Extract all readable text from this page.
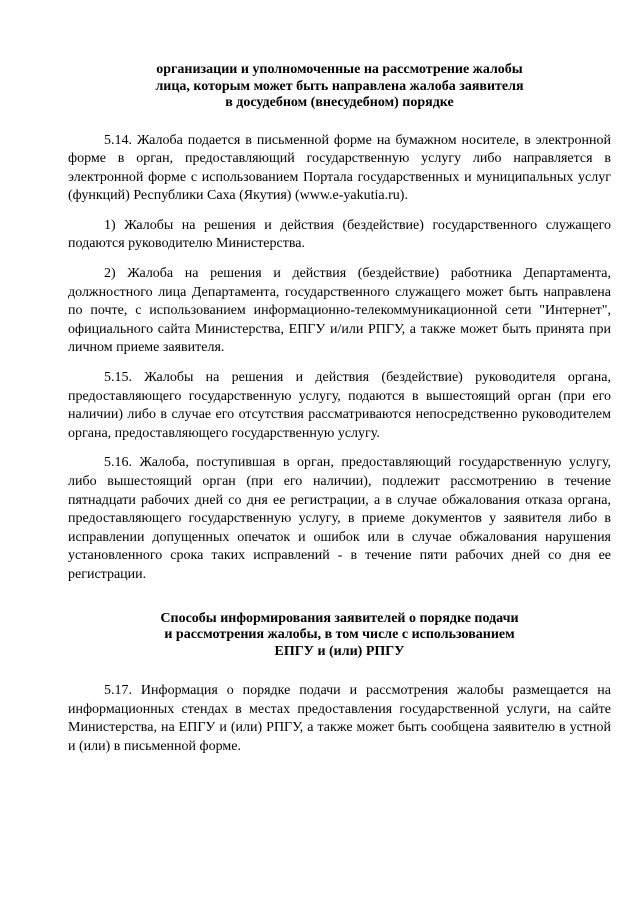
организации и уполномоченные на рассмотрение жалобы
лица, которым может быть направлена жалоба заявителя
в досудебном (внесудебном) порядке

5.14. Жалоба подается в письменной форме на бумажном носителе, в электронной форме в орган, предоставляющий государственную услугу либо направляется в электронной форме с использованием Портала государственных и муниципальных услуг (функций) Республики Саха (Якутия) (www.e-yakutia.ru).

1) Жалобы на решения и действия (бездействие) государственного служащего подаются руководителю Министерства.

2) Жалоба на решения и действия (бездействие) работника Департамента, должностного лица Департамента, государственного служащего может быть направлена по почте, с использованием информационно-телекоммуникационной сети "Интернет", официального сайта Министерства, ЕПГУ и/или РПГУ, а также может быть принята при личном приеме заявителя.

5.15. Жалобы на решения и действия (бездействие) руководителя органа, предоставляющего государственную услугу, подаются в вышестоящий орган (при его наличии) либо в случае его отсутствия рассматриваются непосредственно руководителем органа, предоставляющего государственную услугу.

5.16. Жалоба, поступившая в орган, предоставляющий государственную услугу, либо вышестоящий орган (при его наличии), подлежит рассмотрению в течение пятнадцати рабочих дней со дня ее регистрации, а в случае обжалования отказа органа, предоставляющего государственную услугу, в приеме документов у заявителя либо в исправлении допущенных опечаток и ошибок или в случае обжалования нарушения установленного срока таких исправлений - в течение пяти рабочих дней со дня ее регистрации.

Способы информирования заявителей о порядке подачи
и рассмотрения жалобы, в том числе с использованием
ЕПГУ и (или) РПГУ

5.17. Информация о порядке подачи и рассмотрения жалобы размещается на информационных стендах в местах предоставления государственной услуги, на сайте Министерства, на ЕПГУ и (или) РПГУ, а также может быть сообщена заявителю в устной и (или) в письменной форме.
